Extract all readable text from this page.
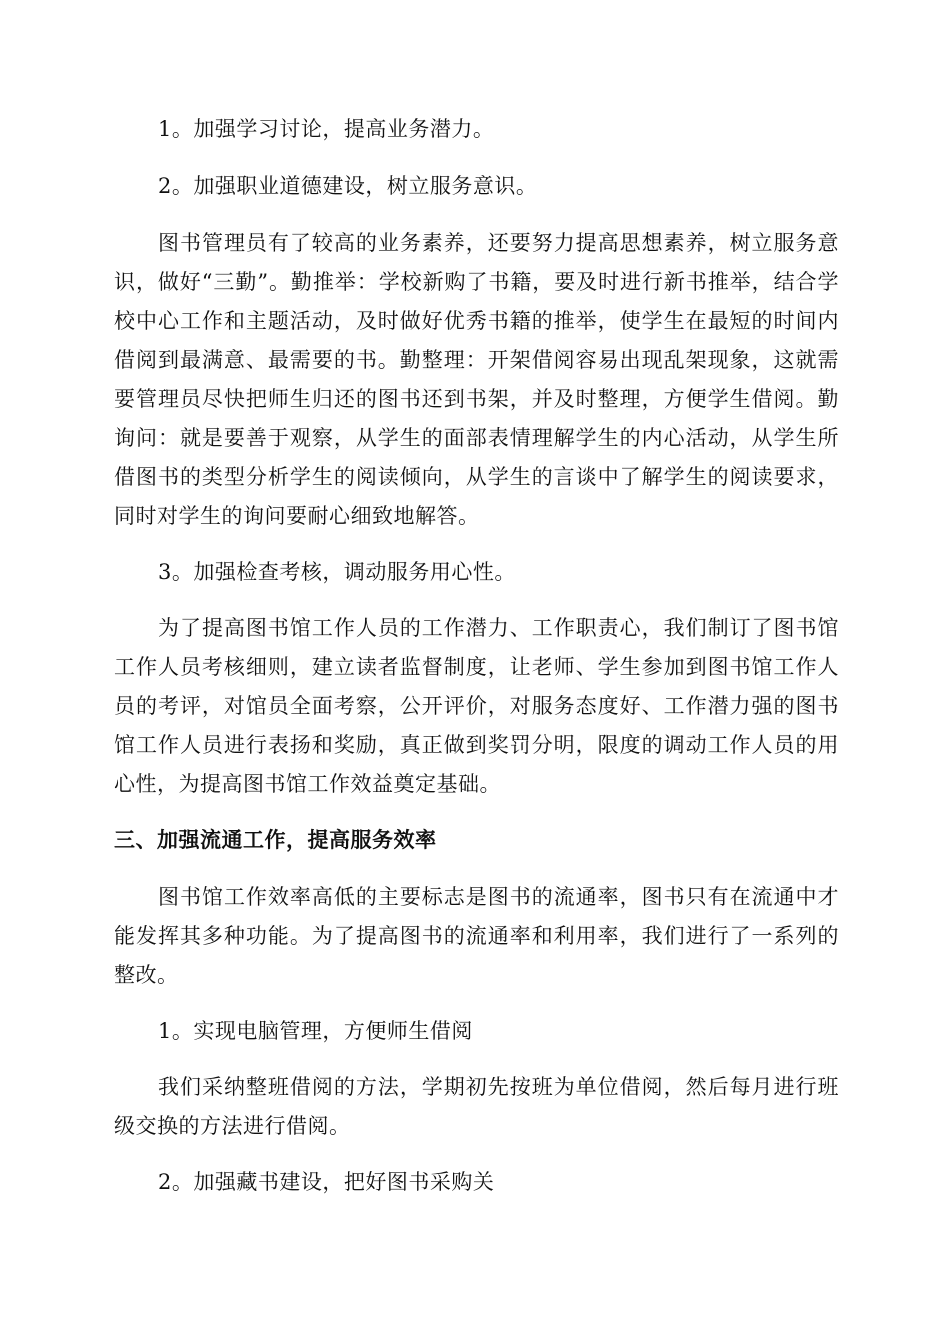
1。加强学习讨论，提高业务潜力。

2。加强职业道德建设，树立服务意识。

图书管理员有了较高的业务素养，还要努力提高思想素养，树立服务意识，做好“三勤”。勤推举：学校新购了书籍，要及时进行新书推举，结合学校中心工作和主题活动，及时做好优秀书籍的推举，使学生在最短的时间内借阅到最满意、最需要的书。勤整理：开架借阅容易出现乱架现象，这就需要管理员尽快把师生归还的图书还到书架，并及时整理，方便学生借阅。勤询问：就是要善于观察，从学生的面部表情理解学生的内心活动，从学生所借图书的类型分析学生的阅读倾向，从学生的言谈中了解学生的阅读要求，同时对学生的询问要耐心细致地解答。

3。加强检查考核，调动服务用心性。

为了提高图书馆工作人员的工作潜力、工作职责心，我们制订了图书馆工作人员考核细则，建立读者监督制度，让老师、学生参加到图书馆工作人员的考评，对馆员全面考察，公开评价，对服务态度好、工作潜力强的图书馆工作人员进行表扬和奖励，真正做到奖罚分明，限度的调动工作人员的用心性，为提高图书馆工作效益奠定基础。

三、加强流通工作，提高服务效率

图书馆工作效率高低的主要标志是图书的流通率，图书只有在流通中才能发挥其多种功能。为了提高图书的流通率和利用率，我们进行了一系列的整改。

1。实现电脑管理，方便师生借阅

我们采纳整班借阅的方法，学期初先按班为单位借阅，然后每月进行班级交换的方法进行借阅。

2。加强藏书建设，把好图书采购关
